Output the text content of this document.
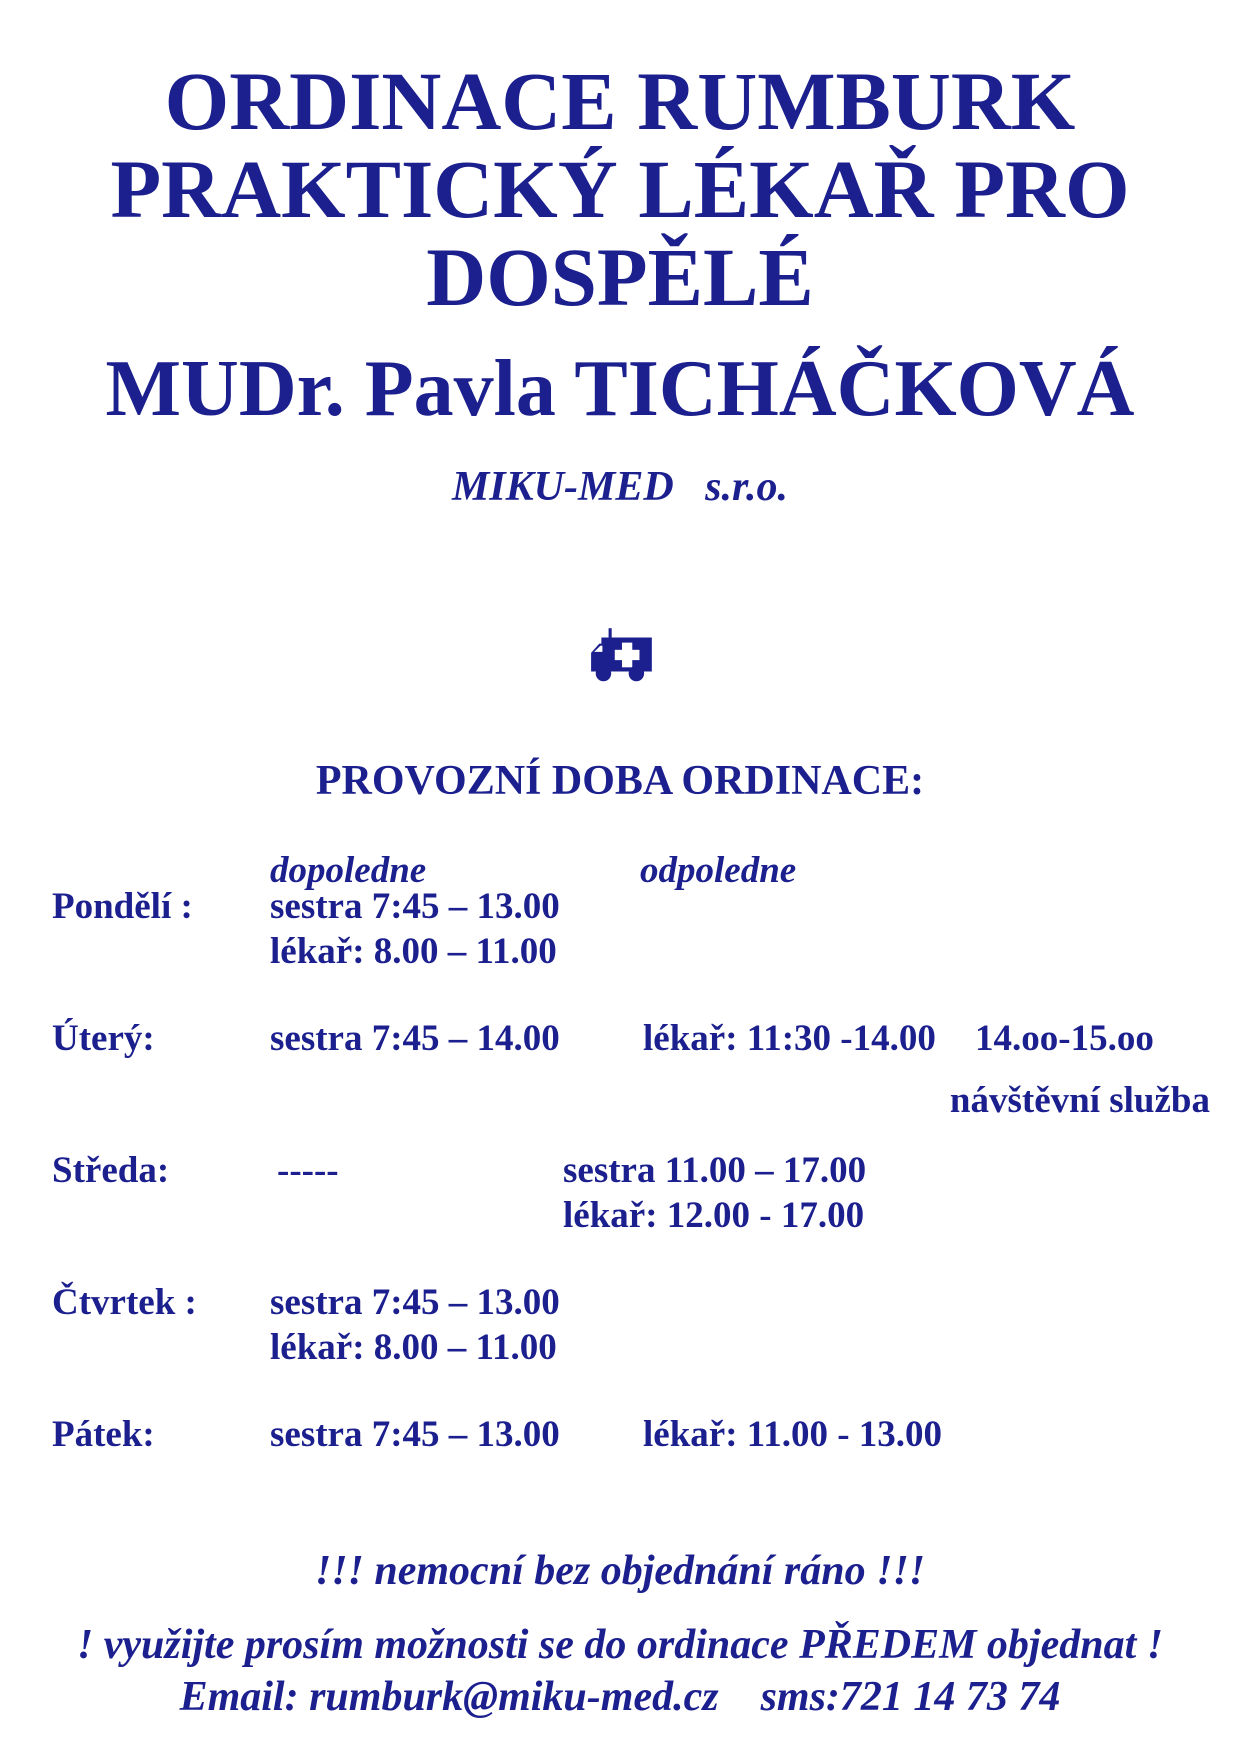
ORDINACE RUMBURK
PRAKTICKÝ LÉKAŘ PRO
DOSPĚLÉ
MUDr. Pavla TICHÁČKOVÁ
MIKU-MED   s.r.o.
PROVOZNÍ DOBA ORDINACE:
dopoledne	odpoledne
Pondělí : sestra 7:45 – 13.00
lékař: 8.00 – 11.00
Úterý:	sestra 7:45 – 14.00 lékař: 11:30 -14.00 14.oo-15.oo
návštěvní služba
Středa:	-----	sestra 11.00 – 17.00
lékař: 12.00 - 17.00
Čtvrtek : sestra 7:45 – 13.00
lékař: 8.00 – 11.00
Pátek:	sestra 7:45 – 13.00 lékař: 11.00 - 13.00
!!! nemocní bez objednání ráno !!!
! využijte prosím možnosti se do ordinace PŘEDEM objednat !
Email: rumburk@miku-med.cz    sms:721 14 73 74
